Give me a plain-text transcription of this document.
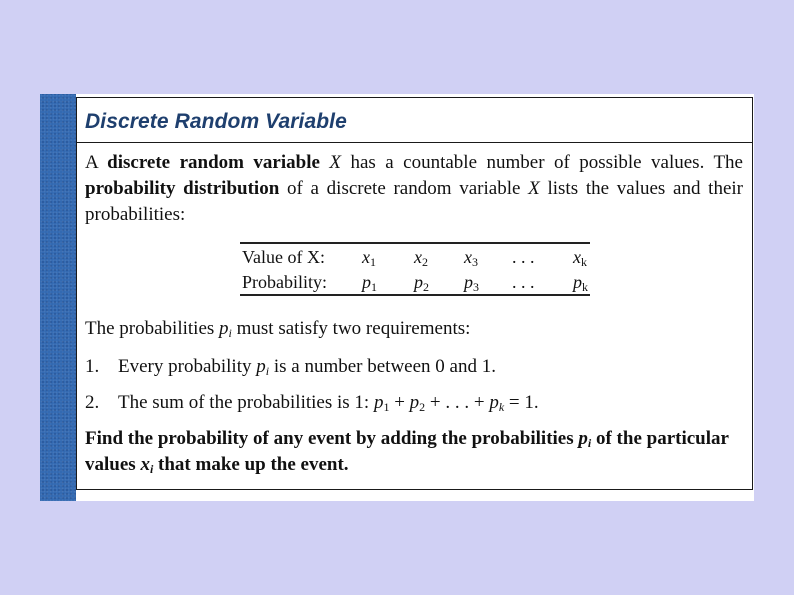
Discrete Random Variable
A discrete random variable X has a countable number of possible values. The probability distribution of a discrete random variable X lists the values and their probabilities:
Value of X: $x_1$ $x_2$ $x_3$ . . . $x_k$
Probability: $p_1$ $p_2$ $p_3$ . . . $p_k$
The probabilities $p_i$ must satisfy two requirements:
1. Every probability $p_i$ is a number between 0 and 1.
2. The sum of the probabilities is 1: $p_1 + p_2$ + . . . + $p_k = 1$.
Find the probability of any event by adding the probabilities $p_i$ of the particular values $x_i$ that make up the event.
